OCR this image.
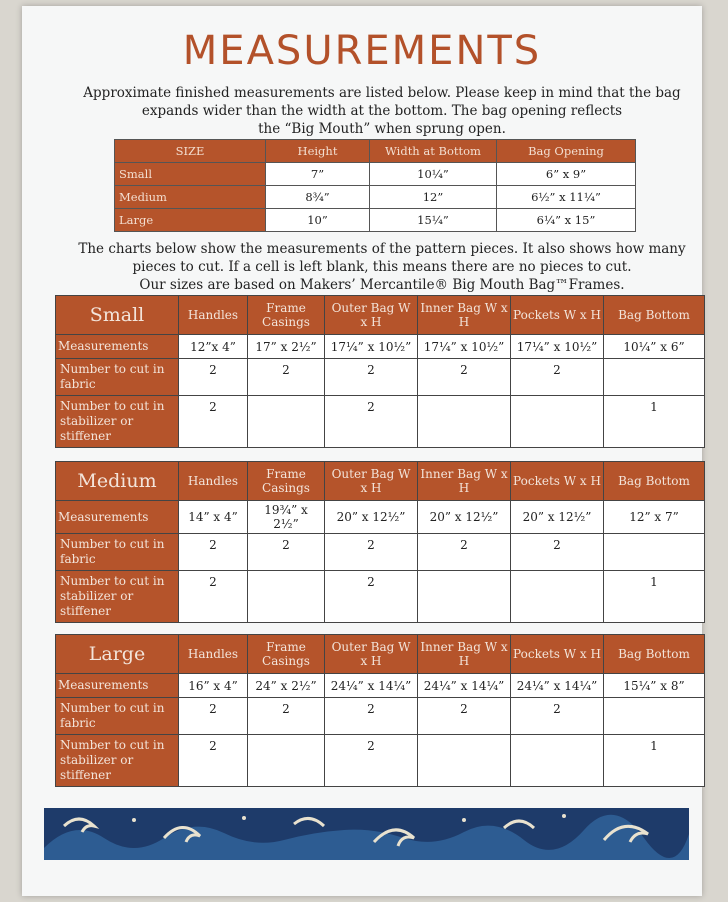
MEASUREMENTS
Approximate finished measurements are listed below. Please keep in mind that the bag
expands wider than the width at the bottom. The bag opening reflects
the “Big Mouth” when sprung open.
SIZE	Height	Width at Bottom	Bag Opening
Small	7”	10¼”	6” x 9”
Medium	8¾”	12”	6½” x 11¼”
Large	10”	15¼”	6¼” x 15”
The charts below show the measurements of the pattern pieces. It also shows how many
pieces to cut. If a cell is left blank, this means there are no pieces to cut.
Our sizes are based on Makers’ Mercantile® Big Mouth Bag™Frames.
Small	Handles	Frame Casings	Outer Bag W x H	Inner Bag W x H	Pockets W x H	Bag Bottom
Measurements	12”x 4”	17” x 2½”	17¼” x 10½”	17¼” x 10½”	17¼” x 10½”	10¼” x 6”
Number to cut in fabric	2	2	2	2	2	
Number to cut in stabilizer or stiffener	2		2			1
Medium	Handles	Frame Casings	Outer Bag W x H	Inner Bag W x H	Pockets W x H	Bag Bottom
Measurements	14” x 4”	19¾” x 2½”	20” x 12½”	20” x 12½”	20” x 12½”	12” x 7”
Number to cut in fabric	2	2	2	2	2	
Number to cut in stabilizer or stiffener	2		2			1
Large	Handles	Frame Casings	Outer Bag W x H	Inner Bag W x H	Pockets W x H	Bag Bottom
Measurements	16” x 4”	24” x 2½”	24¼” x 14¼”	24¼” x 14¼”	24¼” x 14¼”	15¼” x 8”
Number to cut in fabric	2	2	2	2	2	
Number to cut in stabilizer or stiffener	2		2			1
